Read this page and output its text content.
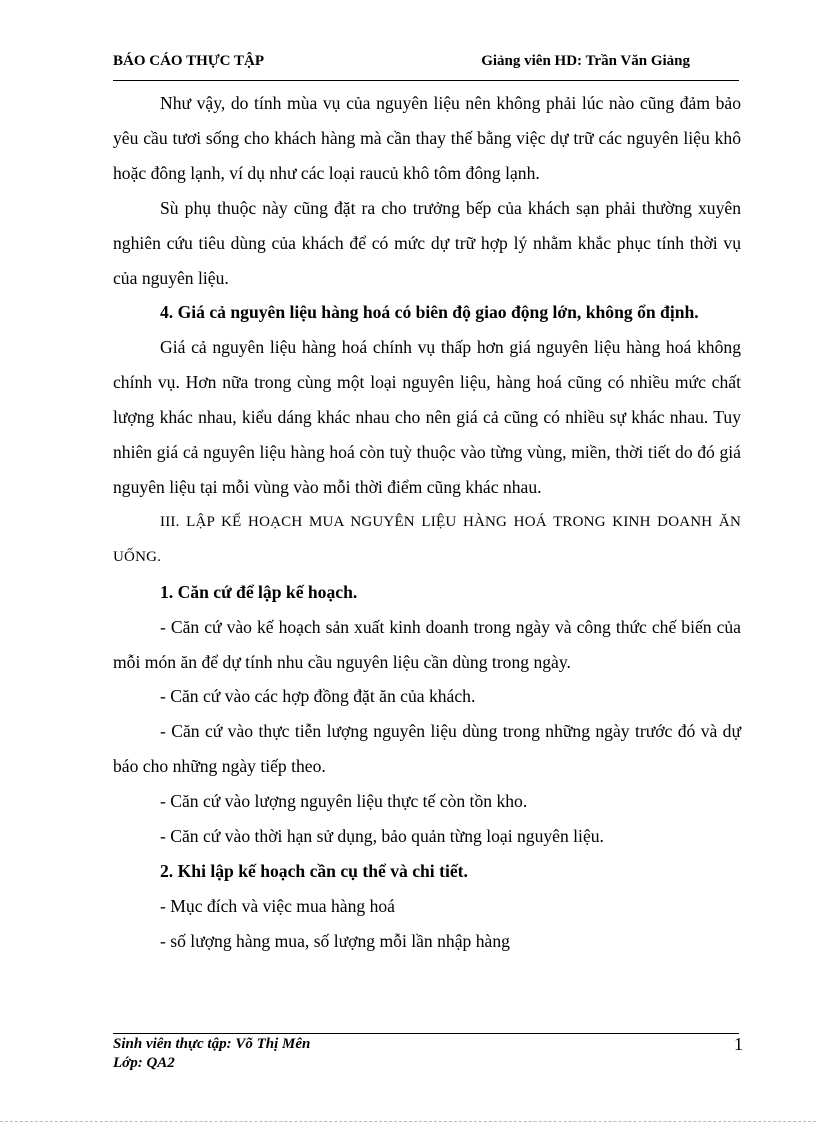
BÁO CÁO THỰC TẬP	Giảng viên HD: Trần Văn Giảng

Như vậy, do tính mùa vụ của nguyên liệu nên không phải lúc nào cũng đảm bảo yêu cầu tươi sống cho khách hàng mà cần thay thế bằng việc dự trữ các nguyên liệu khô hoặc đông lạnh, ví dụ như các loại raucủ khô tôm đông lạnh.

Sù phụ thuộc này cũng đặt ra cho trưởng bếp của khách sạn phải thường xuyên nghiên cứu tiêu dùng của khách để có mức dự trữ hợp lý nhằm khắc phục tính thời vụ của nguyên liệu.

4. Giá cả nguyên liệu hàng hoá có biên độ giao động lớn, không ổn định.

Giá cả nguyên liệu hàng hoá chính vụ thấp hơn giá nguyên liệu hàng hoá không chính vụ. Hơn nữa trong cùng một loại nguyên liệu, hàng hoá cũng có nhiều mức chất lượng khác nhau, kiểu dáng khác nhau cho nên giá cả cũng có nhiều sự khác nhau. Tuy nhiên giá cả nguyên liệu hàng hoá còn tuỳ thuộc vào từng vùng, miền, thời tiết do đó giá nguyên liệu tại mỗi vùng vào mỗi thời điểm cũng khác nhau.

III. LẬP KẾ HOẠCH MUA NGUYÊN LIỆU HÀNG HOÁ TRONG KINH DOANH ĂN UỐNG.

1. Căn cứ để lập kế hoạch.

- Căn cứ vào kế hoạch sản xuất kinh doanh trong ngày và công thức chế biến của mỗi món ăn để dự tính nhu cầu nguyên liệu cần dùng trong ngày.

- Căn cứ vào các hợp đồng đặt ăn của khách.

- Căn cứ vào thực tiễn lượng nguyên liệu dùng trong những ngày trước đó và dự báo cho những ngày tiếp theo.

- Căn cứ vào lượng nguyên liệu thực tế còn tồn kho.

- Căn cứ vào thời hạn sử dụng, bảo quản từng loại nguyên liệu.

2. Khi lập kế hoạch cần cụ thể và chi tiết.

- Mục đích và việc mua hàng hoá

- số lượng hàng mua, số lượng mỗi lần nhập hàng

Sinh viên thực tập: Võ Thị Mên
Lớp: QA2
1
